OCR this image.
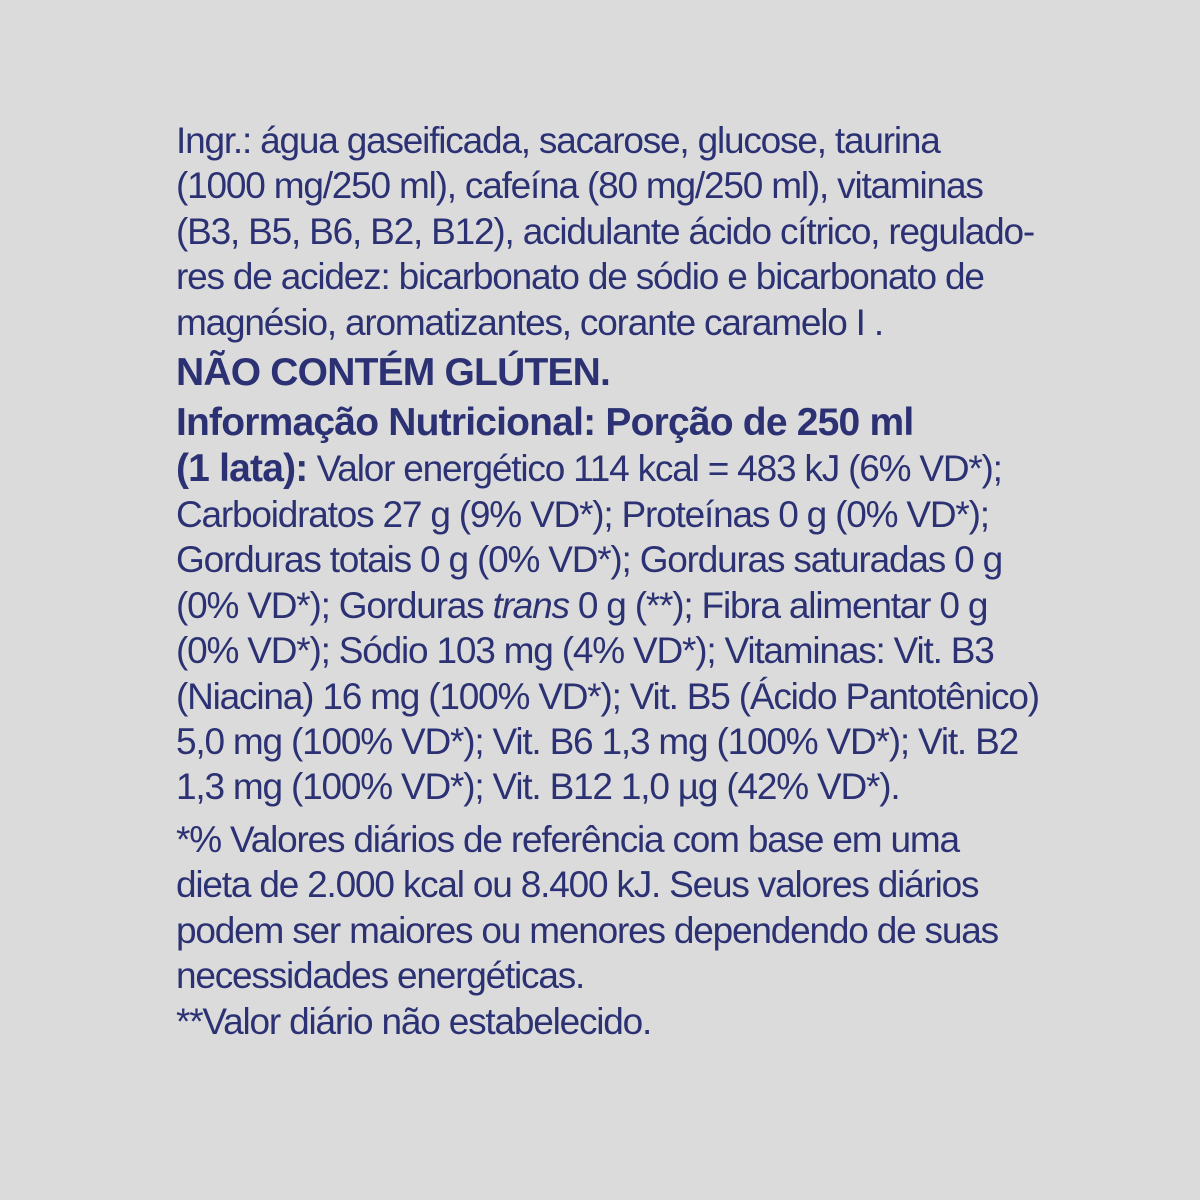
Ingr.: água gaseificada, sacarose, glucose, taurina
(1000 mg/250 ml), cafeína (80 mg/250 ml), vitaminas
(B3, B5, B6, B2, B12), acidulante ácido cítrico, regulado-
res de acidez: bicarbonato de sódio e bicarbonato de
magnésio, aromatizantes, corante caramelo I .
NÃO CONTÉM GLÚTEN.
Informação Nutricional: Porção de 250 ml
(1 lata): Valor energético 114 kcal = 483 kJ (6% VD*);
Carboidratos 27 g (9% VD*); Proteínas 0 g (0% VD*);
Gorduras totais 0 g (0% VD*); Gorduras saturadas 0 g
(0% VD*); Gorduras trans 0 g (**); Fibra alimentar 0 g
(0% VD*); Sódio 103 mg (4% VD*); Vitaminas: Vit. B3
(Niacina) 16 mg (100% VD*); Vit. B5 (Ácido Pantotênico)
5,0 mg (100% VD*); Vit. B6 1,3 mg (100% VD*); Vit. B2
1,3 mg (100% VD*); Vit. B12 1,0 µg (42% VD*).
*% Valores diários de referência com base em uma
dieta de 2.000 kcal ou 8.400 kJ. Seus valores diários
podem ser maiores ou menores dependendo de suas
necessidades energéticas.
**Valor diário não estabelecido.
